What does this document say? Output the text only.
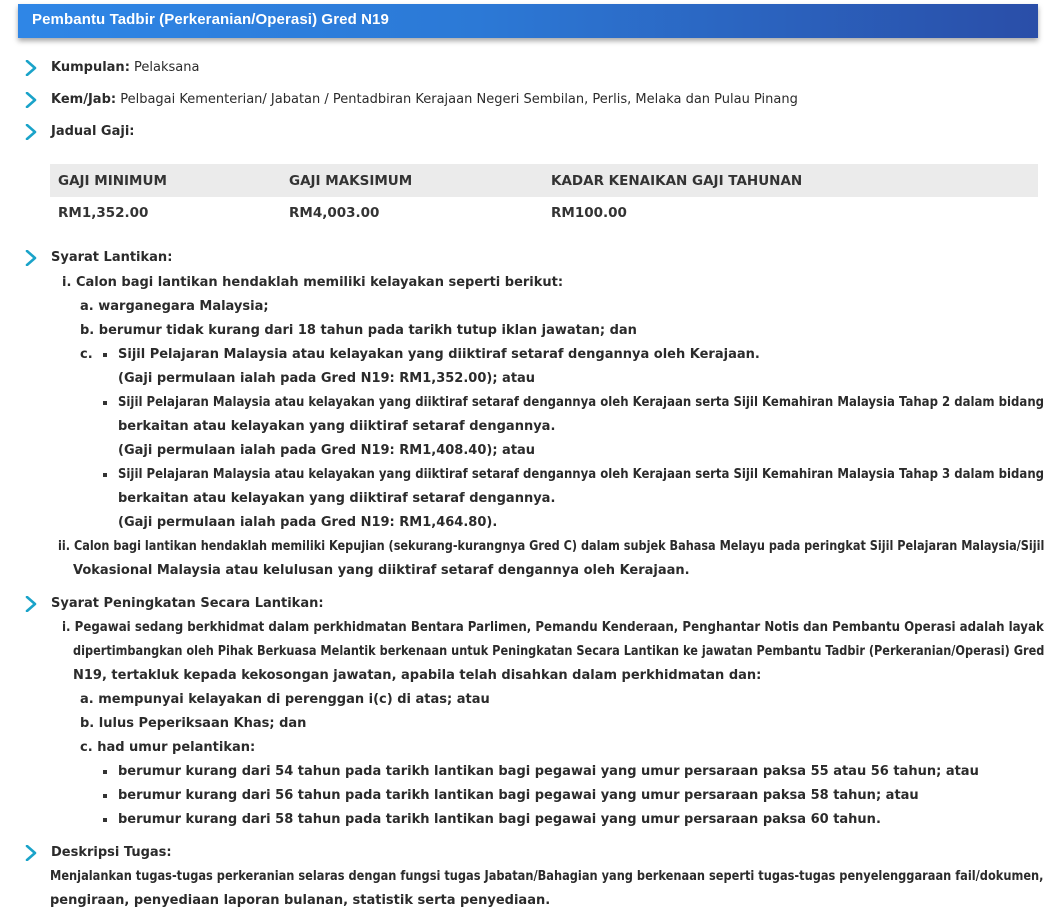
Pembantu Tadbir (Perkeranian/Operasi) Gred N19
Kumpulan: Pelaksana
Kem/Jab: Pelbagai Kementerian/ Jabatan / Pentadbiran Kerajaan Negeri Sembilan, Perlis, Melaka dan Pulau Pinang
Jadual Gaji:
GAJI MINIMUM	GAJI MAKSIMUM	KADAR KENAIKAN GAJI TAHUNAN
RM1,352.00	RM4,003.00	RM100.00
Syarat Lantikan:
i. Calon bagi lantikan hendaklah memiliki kelayakan seperti berikut:
a. warganegara Malaysia;
b. berumur tidak kurang dari 18 tahun pada tarikh tutup iklan jawatan; dan
c. Sijil Pelajaran Malaysia atau kelayakan yang diiktiraf setaraf dengannya oleh Kerajaan.
(Gaji permulaan ialah pada Gred N19: RM1,352.00); atau
Sijil Pelajaran Malaysia atau kelayakan yang diiktiraf setaraf dengannya oleh Kerajaan serta Sijil Kemahiran Malaysia Tahap 2 dalam bidang
berkaitan atau kelayakan yang diiktiraf setaraf dengannya.
(Gaji permulaan ialah pada Gred N19: RM1,408.40); atau
Sijil Pelajaran Malaysia atau kelayakan yang diiktiraf setaraf dengannya oleh Kerajaan serta Sijil Kemahiran Malaysia Tahap 3 dalam bidang
berkaitan atau kelayakan yang diiktiraf setaraf dengannya.
(Gaji permulaan ialah pada Gred N19: RM1,464.80).
ii. Calon bagi lantikan hendaklah memiliki Kepujian (sekurang-kurangnya Gred C) dalam subjek Bahasa Melayu pada peringkat Sijil Pelajaran Malaysia/Sijil
Vokasional Malaysia atau kelulusan yang diiktiraf setaraf dengannya oleh Kerajaan.
Syarat Peningkatan Secara Lantikan:
i. Pegawai sedang berkhidmat dalam perkhidmatan Bentara Parlimen, Pemandu Kenderaan, Penghantar Notis dan Pembantu Operasi adalah layak
dipertimbangkan oleh Pihak Berkuasa Melantik berkenaan untuk Peningkatan Secara Lantikan ke jawatan Pembantu Tadbir (Perkeranian/Operasi) Gred
N19, tertakluk kepada kekosongan jawatan, apabila telah disahkan dalam perkhidmatan dan:
a. mempunyai kelayakan di perenggan i(c) di atas; atau
b. lulus Peperiksaan Khas; dan
c. had umur pelantikan:
berumur kurang dari 54 tahun pada tarikh lantikan bagi pegawai yang umur persaraan paksa 55 atau 56 tahun; atau
berumur kurang dari 56 tahun pada tarikh lantikan bagi pegawai yang umur persaraan paksa 58 tahun; atau
berumur kurang dari 58 tahun pada tarikh lantikan bagi pegawai yang umur persaraan paksa 60 tahun.
Deskripsi Tugas:
Menjalankan tugas-tugas perkeranian selaras dengan fungsi tugas Jabatan/Bahagian yang berkenaan seperti tugas-tugas penyelenggaraan fail/dokumen,
pengiraan, penyediaan laporan bulanan, statistik serta penyediaan.
